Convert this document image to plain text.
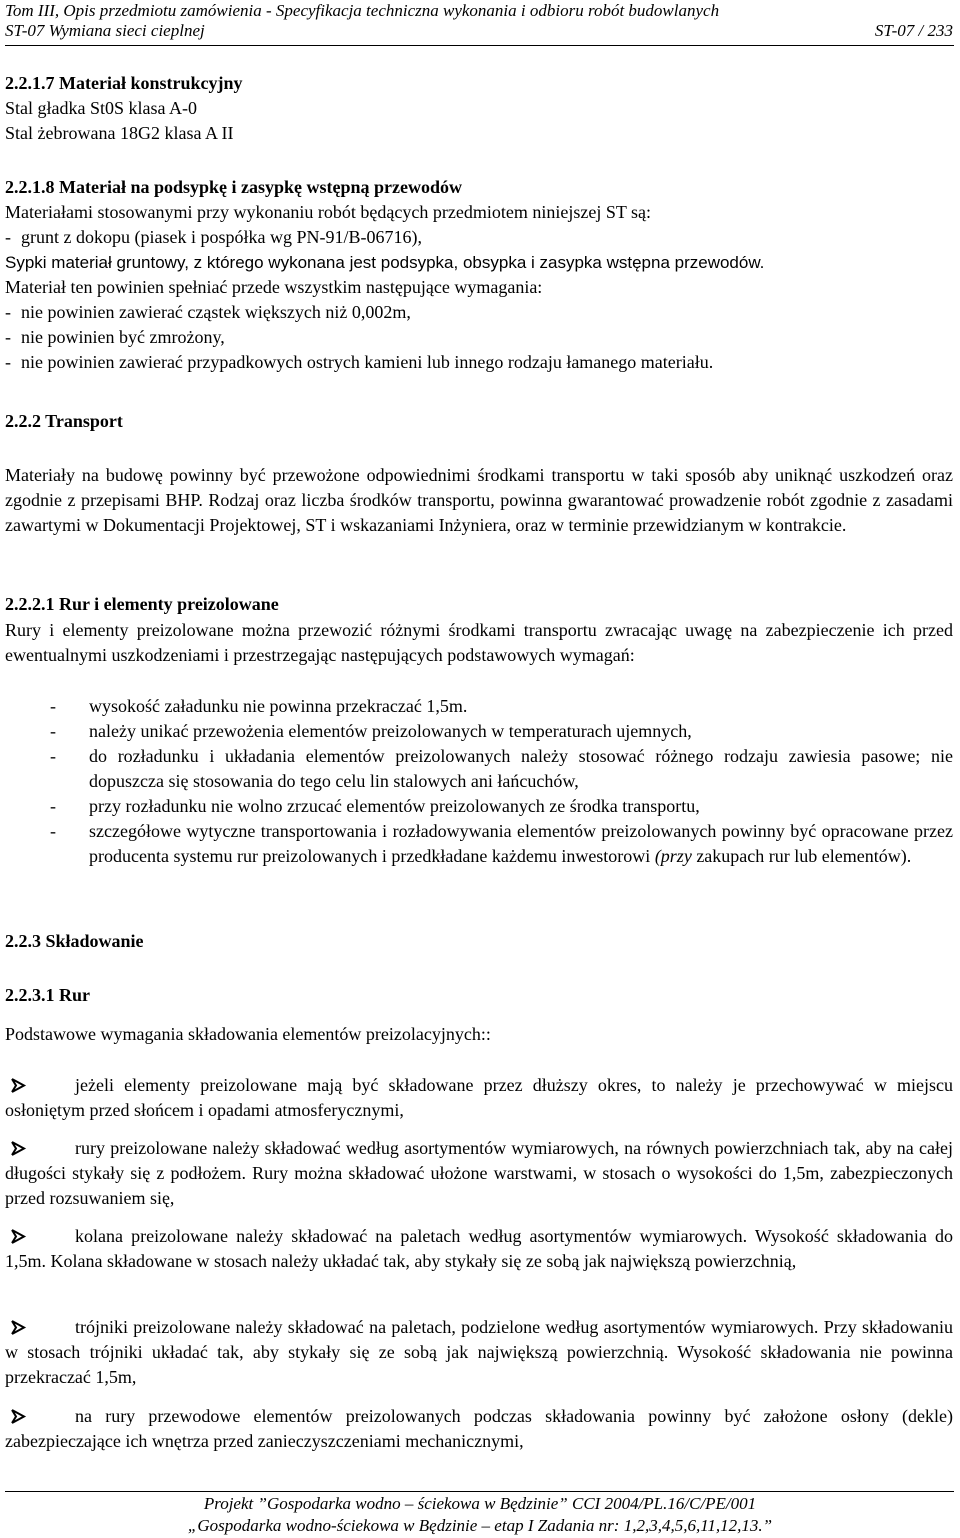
Tom III, Opis przedmiotu zamówienia - Specyfikacja techniczna wykonania i odbioru robót budowlanych
ST-07 Wymiana sieci cieplnej	ST-07 / 233
2.2.1.7 Materiał konstrukcyjny
Stal gładka St0S klasa A-0
Stal żebrowana 18G2 klasa A II
2.2.1.8 Materiał na podsypkę i zasypkę wstępną przewodów
Materiałami stosowanymi przy wykonaniu robót będących przedmiotem niniejszej ST są:
- grunt z dokopu (piasek i pospółka wg PN-91/B-06716),
Sypki materiał gruntowy, z którego wykonana jest podsypka, obsypka i zasypka wstępna przewodów.
Materiał ten powinien spełniać przede wszystkim następujące wymagania:
- nie powinien zawierać cząstek większych niż 0,002m,
- nie powinien być zmrożony,
- nie powinien zawierać przypadkowych ostrych kamieni lub innego rodzaju łamanego materiału.
2.2.2 Transport
Materiały na budowę powinny być przewożone odpowiednimi środkami transportu w taki sposób aby uniknąć uszkodzeń oraz zgodnie z przepisami BHP. Rodzaj oraz liczba środków transportu, powinna gwarantować prowadzenie robót zgodnie z zasadami zawartymi w Dokumentacji Projektowej, ST i wskazaniami Inżyniera, oraz w terminie przewidzianym w kontrakcie.
2.2.2.1 Rur i elementy preizolowane
Rury i elementy preizolowane można przewozić różnymi środkami transportu zwracając uwagę na zabezpieczenie ich przed ewentualnymi uszkodzeniami i przestrzegając następujących podstawowych wymagań:
-	wysokość załadunku nie powinna przekraczać 1,5m.
-	należy unikać przewożenia elementów preizolowanych w temperaturach ujemnych,
-	do rozładunku i układania elementów preizolowanych należy stosować różnego rodzaju zawiesia pasowe; nie dopuszcza się stosowania do tego celu lin stalowych ani łańcuchów,
-	przy rozładunku nie wolno zrzucać elementów preizolowanych ze środka transportu,
-	szczegółowe wytyczne transportowania i rozładowywania elementów preizolowanych powinny być opracowane przez producenta systemu rur preizolowanych i przedkładane każdemu inwestorowi (przy zakupach rur lub elementów).
2.2.3 Składowanie
2.2.3.1 Rur
Podstawowe wymagania składowania elementów preizolacyjnych::
jeżeli elementy preizolowane mają być składowane przez dłuższy okres, to należy je przechowywać w miejscu osłoniętym przed słońcem i opadami atmosferycznymi,
rury preizolowane należy składować według asortymentów wymiarowych, na równych powierzchniach tak, aby na całej długości stykały się z podłożem. Rury można składować ułożone warstwami, w stosach o wysokości do 1,5m, zabezpieczonych przed rozsuwaniem się,
kolana preizolowane należy składować na paletach według asortymentów wymiarowych. Wysokość składowania do 1,5m. Kolana składowane w stosach należy układać tak, aby stykały się ze sobą jak największą powierzchnią,
trójniki preizolowane należy składować na paletach, podzielone według asortymentów wymiarowych. Przy składowaniu w stosach trójniki układać tak, aby stykały się ze sobą jak największą powierzchnią. Wysokość składowania nie powinna przekraczać 1,5m,
na rury przewodowe elementów preizolowanych podczas składowania powinny być założone osłony (dekle) zabezpieczające ich wnętrza przed zanieczyszczeniami mechanicznymi,
Projekt ”Gospodarka wodno – ściekowa w Będzinie” CCI 2004/PL.16/C/PE/001
„Gospodarka wodno-ściekowa w Będzinie – etap I Zadania nr: 1,2,3,4,5,6,11,12,13.”
